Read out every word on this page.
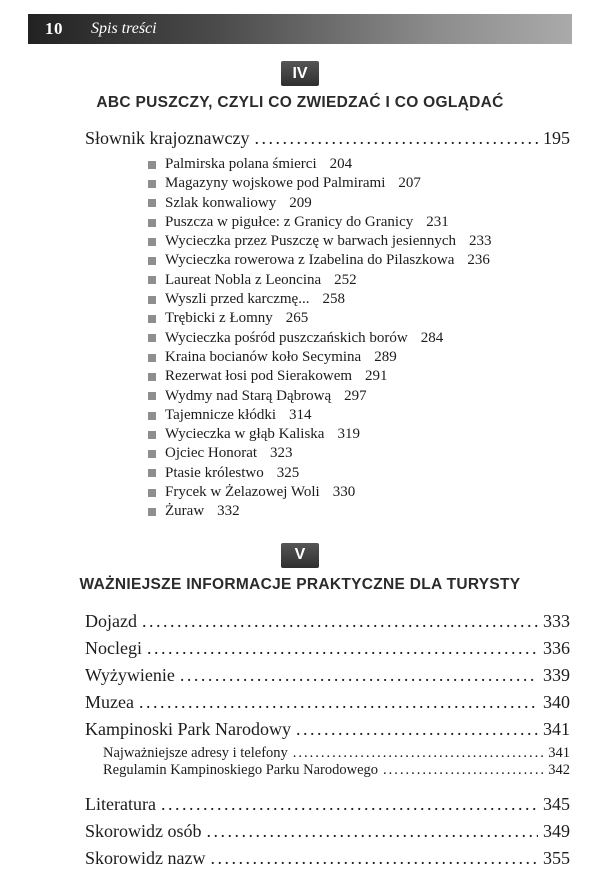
10 Spis treści
IV
ABC PUSZCZY, CZYLI CO ZWIEDZAĆ I CO OGLĄDAĆ
Słownik krajoznawczy .....	195
Palmirska polana śmierci 204
Magazyny wojskowe pod Palmirami 207
Szlak konwaliowy 209
Puszcza w pigułce: z Granicy do Granicy 231
Wycieczka przez Puszczę w barwach jesiennych 233
Wycieczka rowerowa z Izabelina do Pilaszkowa 236
Laureat Nobla z Leoncina 252
Wyszli przed karczmę... 258
Trębicki z Łomny 265
Wycieczka pośród puszczańskich borów 284
Kraina bocianów koło Secymina 289
Rezerwat łosi pod Sierakowem 291
Wydmy nad Starą Dąbrową 297
Tajemnicze kłódki 314
Wycieczka w głąb Kaliska 319
Ojciec Honorat 323
Ptasie królestwo 325
Frycek w Żelazowej Woli 330
Żuraw 332
V
WAŻNIEJSZE INFORMACJE PRAKTYCZNE DLA TURYSTY
Dojazd .....	333
Noclegi .....	336
Wyżywienie .....	339
Muzea .....	340
Kampinoski Park Narodowy .....	341
Najważniejsze adresy i telefony .....	341
Regulamin Kampinoskiego Parku Narodowego .....	342
Literatura .....	345
Skorowidz osób .....	349
Skorowidz nazw .....	355
